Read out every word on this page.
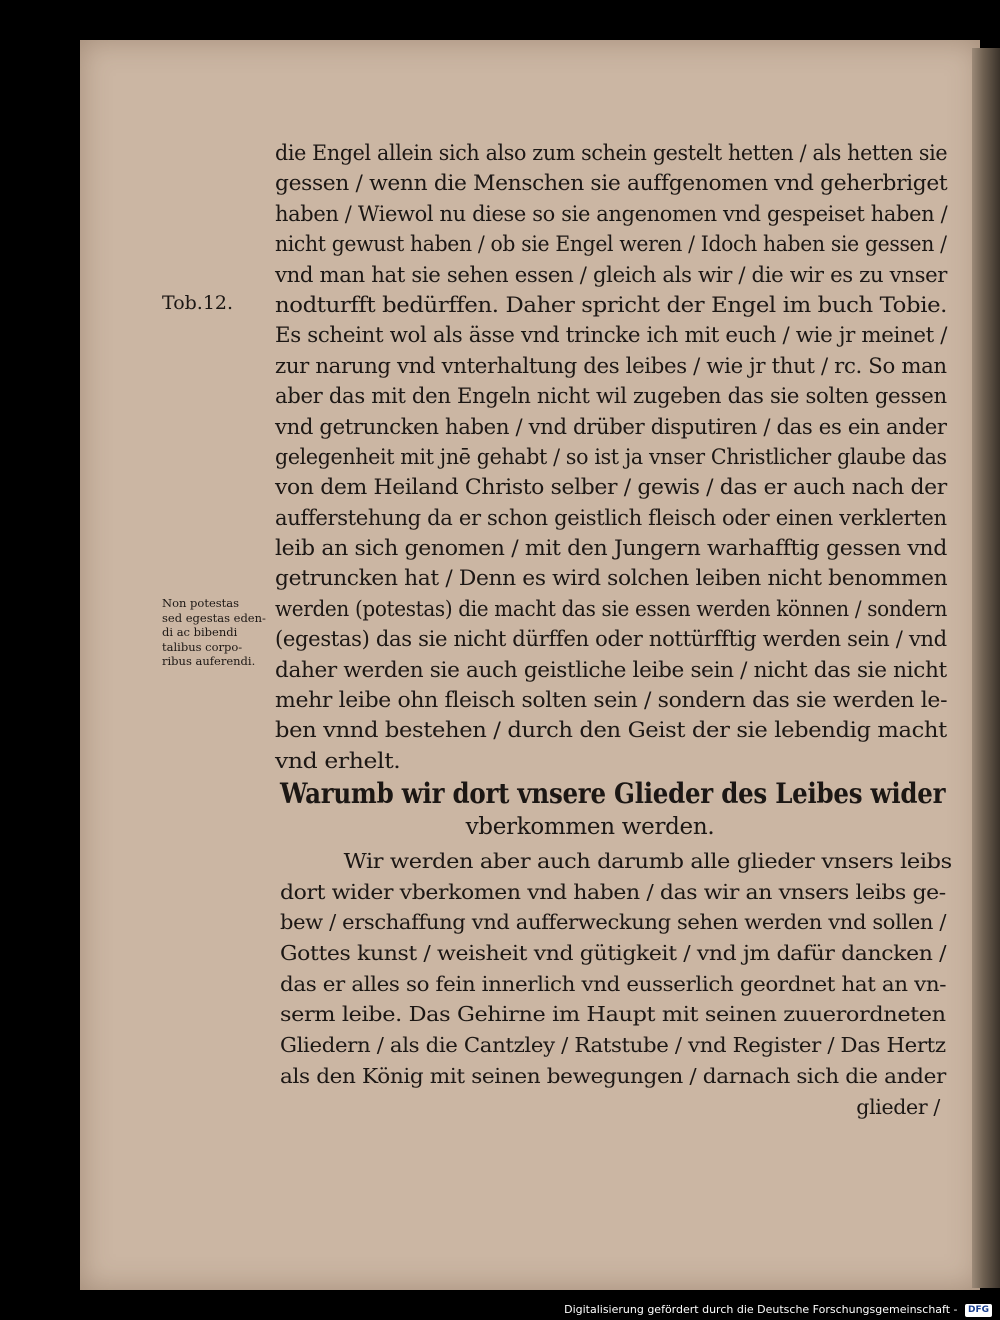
Tob.12.
Non potestas
sed egestas eden-
di ac bibendi
talibus corpo-
ribus auferendi.
die Engel allein sich also zum schein gestelt hetten / als hetten sie
gessen / wenn die Menschen sie auffgenomen vnd geherbriget
haben / Wiewol nu diese so sie angenomen vnd gespeiset haben /
nicht gewust haben / ob sie Engel weren / Idoch haben sie gessen /
vnd man hat sie sehen essen / gleich als wir / die wir es zu vnser
nodturfft bedürffen. Daher spricht der Engel im buch Tobie.
Es scheint wol als ässe vnd trincke ich mit euch / wie jr meinet /
zur narung vnd vnterhaltung des leibes / wie jr thut / rc. So man
aber das mit den Engeln nicht wil zugeben das sie solten gessen
vnd getruncken haben / vnd drüber disputiren / das es ein ander
gelegenheit mit jnē gehabt / so ist ja vnser Christlicher glaube das
von dem Heiland Christo selber / gewis / das er auch nach der
aufferstehung da er schon geistlich fleisch oder einen verklerten
leib an sich genomen / mit den Jungern warhafftig gessen vnd
getruncken hat / Denn es wird solchen leiben nicht benommen
werden (potestas) die macht das sie essen werden können / sondern
(egestas) das sie nicht dürffen oder nottürfftig werden sein / vnd
daher werden sie auch geistliche leibe sein / nicht das sie nicht
mehr leibe ohn fleisch solten sein / sondern das sie werden le-
ben vnnd bestehen / durch den Geist der sie lebendig macht
vnd erhelt.
Warumb wir dort vnsere Glieder des Leibes wider
vberkommen werden.
Wir werden aber auch darumb alle glieder vnsers leibs
dort wider vberkomen vnd haben / das wir an vnsers leibs ge-
bew / erschaffung vnd aufferweckung sehen werden vnd sollen /
Gottes kunst / weisheit vnd gütigkeit / vnd jm dafür dancken /
das er alles so fein innerlich vnd eusserlich geordnet hat an vn-
serm leibe. Das Gehirne im Haupt mit seinen zuuerordneten
Gliedern / als die Cantzley / Ratstube / vnd Register / Das Hertz
als den König mit seinen bewegungen / darnach sich die ander
glieder /
Digitalisierung gefördert durch die Deutsche Forschungsgemeinschaft - DFG
